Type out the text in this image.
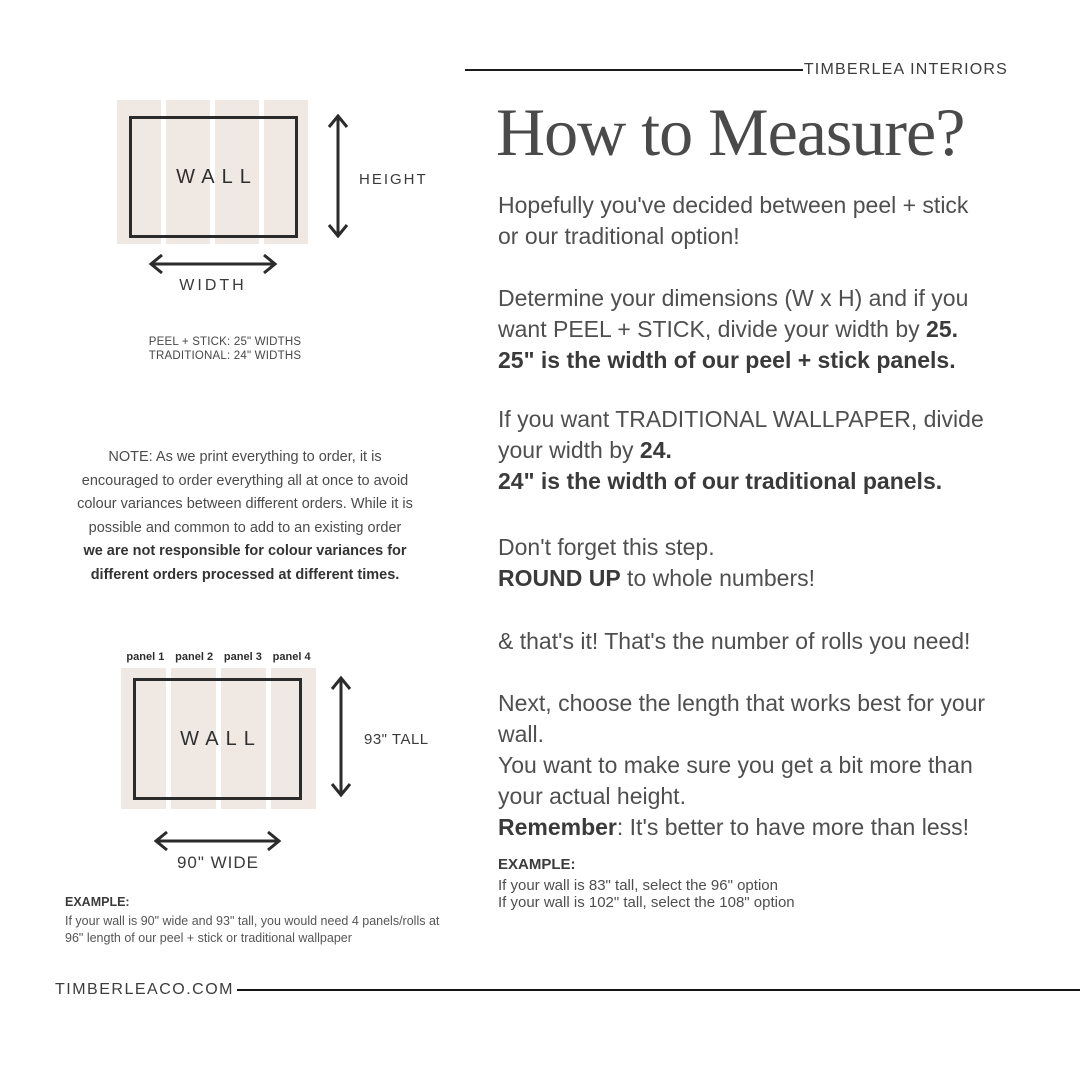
TIMBERLEA INTERIORS
How to Measure?

Hopefully you've decided between peel + stick
or our traditional option!

Determine your dimensions (W x H) and if you
want PEEL + STICK, divide your width by 25.
25" is the width of our peel + stick panels.

If you want TRADITIONAL WALLPAPER, divide
your width by 24.
24" is the width of our traditional panels.

Don't forget this step.
ROUND UP to whole numbers!

& that's it! That's the number of rolls you need!

Next, choose the length that works best for your
wall.
You want to make sure you get a bit more than
your actual height.
Remember: It's better to have more than less!

EXAMPLE:
If your wall is 83" tall, select the 96" option
If your wall is 102" tall, select the 108" option
WALL	HEIGHT
WIDTH
PEEL + STICK: 25" WIDTHS
TRADITIONAL: 24" WIDTHS
NOTE: As we print everything to order, it is
encouraged to order everything all at once to avoid
colour variances between different orders. While it is
possible and common to add to an existing order
we are not responsible for colour variances for
different orders processed at different times.
panel 1 panel 2 panel 3 panel 4
WALL	93" TALL
90" WIDE
EXAMPLE:
If your wall is 90" wide and 93" tall, you would need 4 panels/rolls at
96" length of our peel + stick or traditional wallpaper
TIMBERLEACO.COM
